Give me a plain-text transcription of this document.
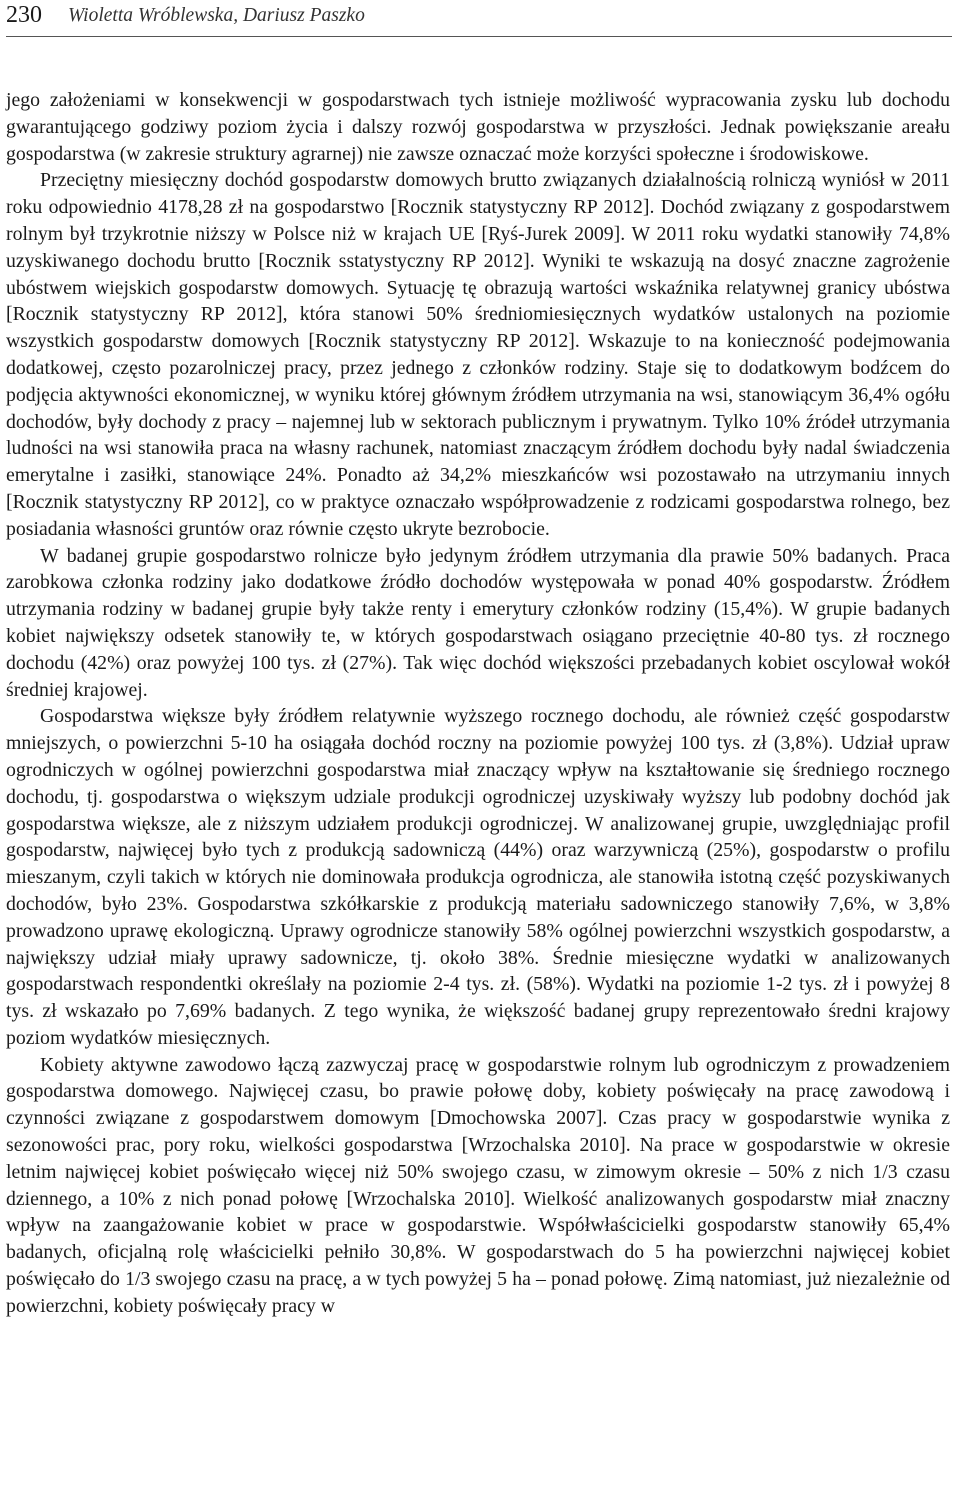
230 Wioletta Wróblewska, Dariusz Paszko

jego założeniami w konsekwencji w gospodarstwach tych istnieje możliwość wypracowania zysku lub dochodu gwarantującego godziwy poziom życia i dalszy rozwój gospodarstwa w przyszłości. Jednak powiększanie areału gospodarstwa (w zakresie struktury agrarnej) nie zawsze oznaczać może korzyści społeczne i środowiskowe.

Przeciętny miesięczny dochód gospodarstw domowych brutto związanych działalnością rolniczą wyniósł w 2011 roku odpowiednio 4178,28 zł na gospodarstwo [Rocznik statystyczny RP 2012]. Dochód związany z gospodarstwem rolnym był trzykrotnie niższy w Polsce niż w krajach UE [Ryś-Jurek 2009]. W 2011 roku wydatki stanowiły 74,8% uzyskiwanego dochodu brutto [Rocznik sstatystyczny RP 2012]. Wyniki te wskazują na dosyć znaczne zagrożenie ubóstwem wiejskich gospodarstw domowych. Sytuację tę obrazują wartości wskaźnika relatywnej granicy ubóstwa [Rocznik statystyczny RP 2012], która stanowi 50% średniomiesięcznych wydatków ustalonych na poziomie wszystkich gospodarstw domowych [Rocznik statystyczny RP 2012]. Wskazuje to na konieczność podejmowania dodatkowej, często pozarolniczej pracy, przez jednego z członków rodziny. Staje się to dodatkowym bodźcem do podjęcia aktywności ekonomicznej, w wyniku której głównym źródłem utrzymania na wsi, stanowiącym 36,4% ogółu dochodów, były dochody z pracy – najemnej lub w sektorach publicznym i prywatnym. Tylko 10% źródeł utrzymania ludności na wsi stanowiła praca na własny rachunek, natomiast znaczącym źródłem dochodu były nadal świadczenia emerytalne i zasiłki, stanowiące 24%. Ponadto aż 34,2% mieszkańców wsi pozostawało na utrzymaniu innych [Rocznik statystyczny RP 2012], co w praktyce oznaczało współprowadzenie z rodzicami gospodarstwa rolnego, bez posiadania własności gruntów oraz równie często ukryte bezrobocie.

W badanej grupie gospodarstwo rolnicze było jedynym źródłem utrzymania dla prawie 50% badanych. Praca zarobkowa członka rodziny jako dodatkowe źródło dochodów występowała w ponad 40% gospodarstw. Źródłem utrzymania rodziny w badanej grupie były także renty i emerytury członków rodziny (15,4%). W grupie badanych kobiet największy odsetek stanowiły te, w których gospodarstwach osiągano przeciętnie 40-80 tys. zł rocznego dochodu (42%) oraz powyżej 100 tys. zł (27%). Tak więc dochód większości przebadanych kobiet oscylował wokół średniej krajowej.

Gospodarstwa większe były źródłem relatywnie wyższego rocznego dochodu, ale również część gospodarstw mniejszych, o powierzchni 5-10 ha osiągała dochód roczny na poziomie powyżej 100 tys. zł (3,8%). Udział upraw ogrodniczych w ogólnej powierzchni gospodarstwa miał znaczący wpływ na kształtowanie się średniego rocznego dochodu, tj. gospodarstwa o większym udziale produkcji ogrodniczej uzyskiwały wyższy lub podobny dochód jak gospodarstwa większe, ale z niższym udziałem produkcji ogrodniczej. W analizowanej grupie, uwzględniając profil gospodarstw, najwięcej było tych z produkcją sadowniczą (44%) oraz warzywniczą (25%), gospodarstw o profilu mieszanym, czyli takich w których nie dominowała produkcja ogrodnicza, ale stanowiła istotną część pozyskiwanych dochodów, było 23%. Gospodarstwa szkółkarskie z produkcją materiału sadowniczego stanowiły 7,6%, w 3,8% prowadzono uprawę ekologiczną. Uprawy ogrodnicze stanowiły 58% ogólnej powierzchni wszystkich gospodarstw, a największy udział miały uprawy sadownicze, tj. około 38%. Średnie miesięczne wydatki w analizowanych gospodarstwach respondentki określały na poziomie 2-4 tys. zł. (58%). Wydatki na poziomie 1-2 tys. zł i powyżej 8 tys. zł wskazało po 7,69% badanych. Z tego wynika, że większość badanej grupy reprezentowało średni krajowy poziom wydatków miesięcznych.

Kobiety aktywne zawodowo łączą zazwyczaj pracę w gospodarstwie rolnym lub ogrodniczym z prowadzeniem gospodarstwa domowego. Najwięcej czasu, bo prawie połowę doby, kobiety poświęcały na pracę zawodową i czynności związane z gospodarstwem domowym [Dmochowska 2007]. Czas pracy w gospodarstwie wynika z sezonowości prac, pory roku, wielkości gospodarstwa [Wrzochalska 2010]. Na prace w gospodarstwie w okresie letnim najwięcej kobiet poświęcało więcej niż 50% swojego czasu, w zimowym okresie – 50% z nich 1/3 czasu dziennego, a 10% z nich ponad połowę [Wrzochalska 2010]. Wielkość analizowanych gospodarstw miał znaczny wpływ na zaangażowanie kobiet w prace w gospodarstwie. Współwłaścicielki gospodarstw stanowiły 65,4% badanych, oficjalną rolę właścicielki pełniło 30,8%. W gospodarstwach do 5 ha powierzchni najwięcej kobiet poświęcało do 1/3 swojego czasu na pracę, a w tych powyżej 5 ha – ponad połowę. Zimą natomiast, już niezależnie od powierzchni, kobiety poświęcały pracy w
